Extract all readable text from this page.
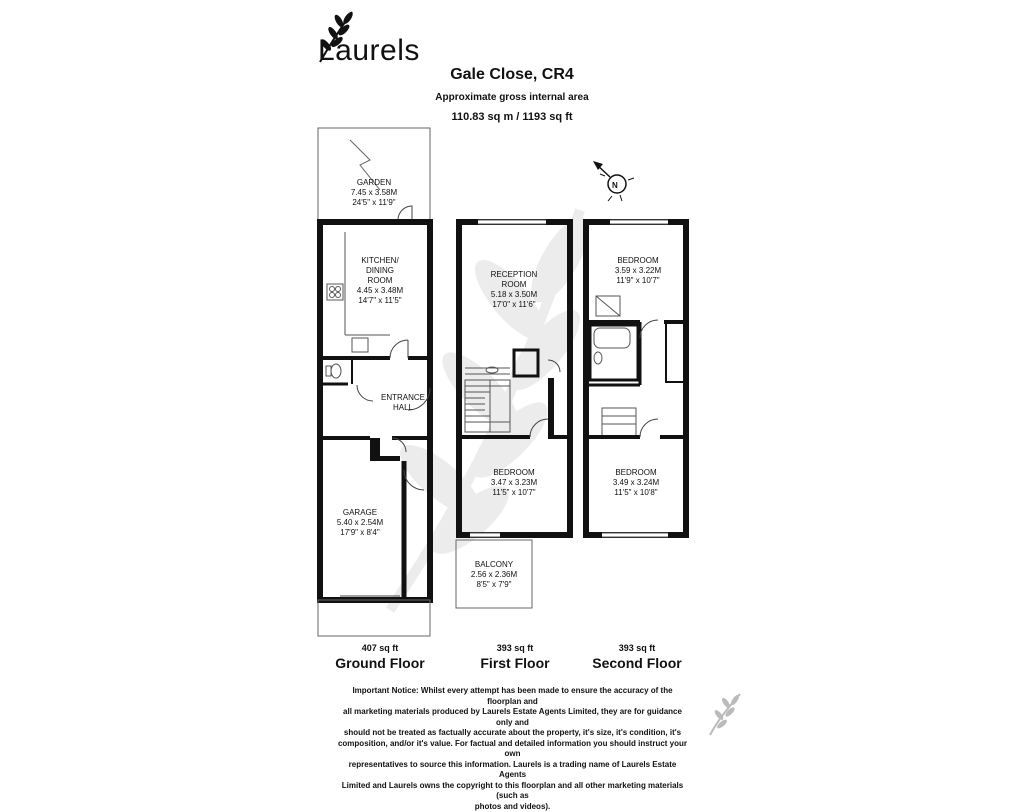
Laurels
Gale Close, CR4
Approximate gross internal area
110.83 sq m / 1193 sq ft
N
GARDEN
7.45 x 3.58M
24'5" x 11'9"
KITCHEN/
DINING
ROOM
4.45 x 3.48M
14'7" x 11'5"
ENTRANCE
HALL
GARAGE
5.40 x 2.54M
17'9" x 8'4"
RECEPTION
ROOM
5.18 x 3.50M
17'0" x 11'6"
BEDROOM
3.47 x 3.23M
11'5" x 10'7"
BALCONY
2.56 x 2.36M
8'5" x 7'9"
BEDROOM
3.59 x 3.22M
11'9" x 10'7"
BEDROOM
3.49 x 3.24M
11'5" x 10'8"
407 sq ft
Ground Floor
393 sq ft
First Floor
393 sq ft
Second Floor
Important Notice: Whilst every attempt has been made to ensure the accuracy of the floorplan and
all marketing materials produced by Laurels Estate Agents Limited, they are for guidance only and
should not be treated as factually accurate about the property, it's size, it's condition, it's
composition, and/or it's value. For factual and detailed information you should instruct your own
representatives to source this information. Laurels is a trading name of Laurels Estate Agents
Limited and Laurels owns the copyright to this floorplan and all other marketing materials (such as
photos and videos).
